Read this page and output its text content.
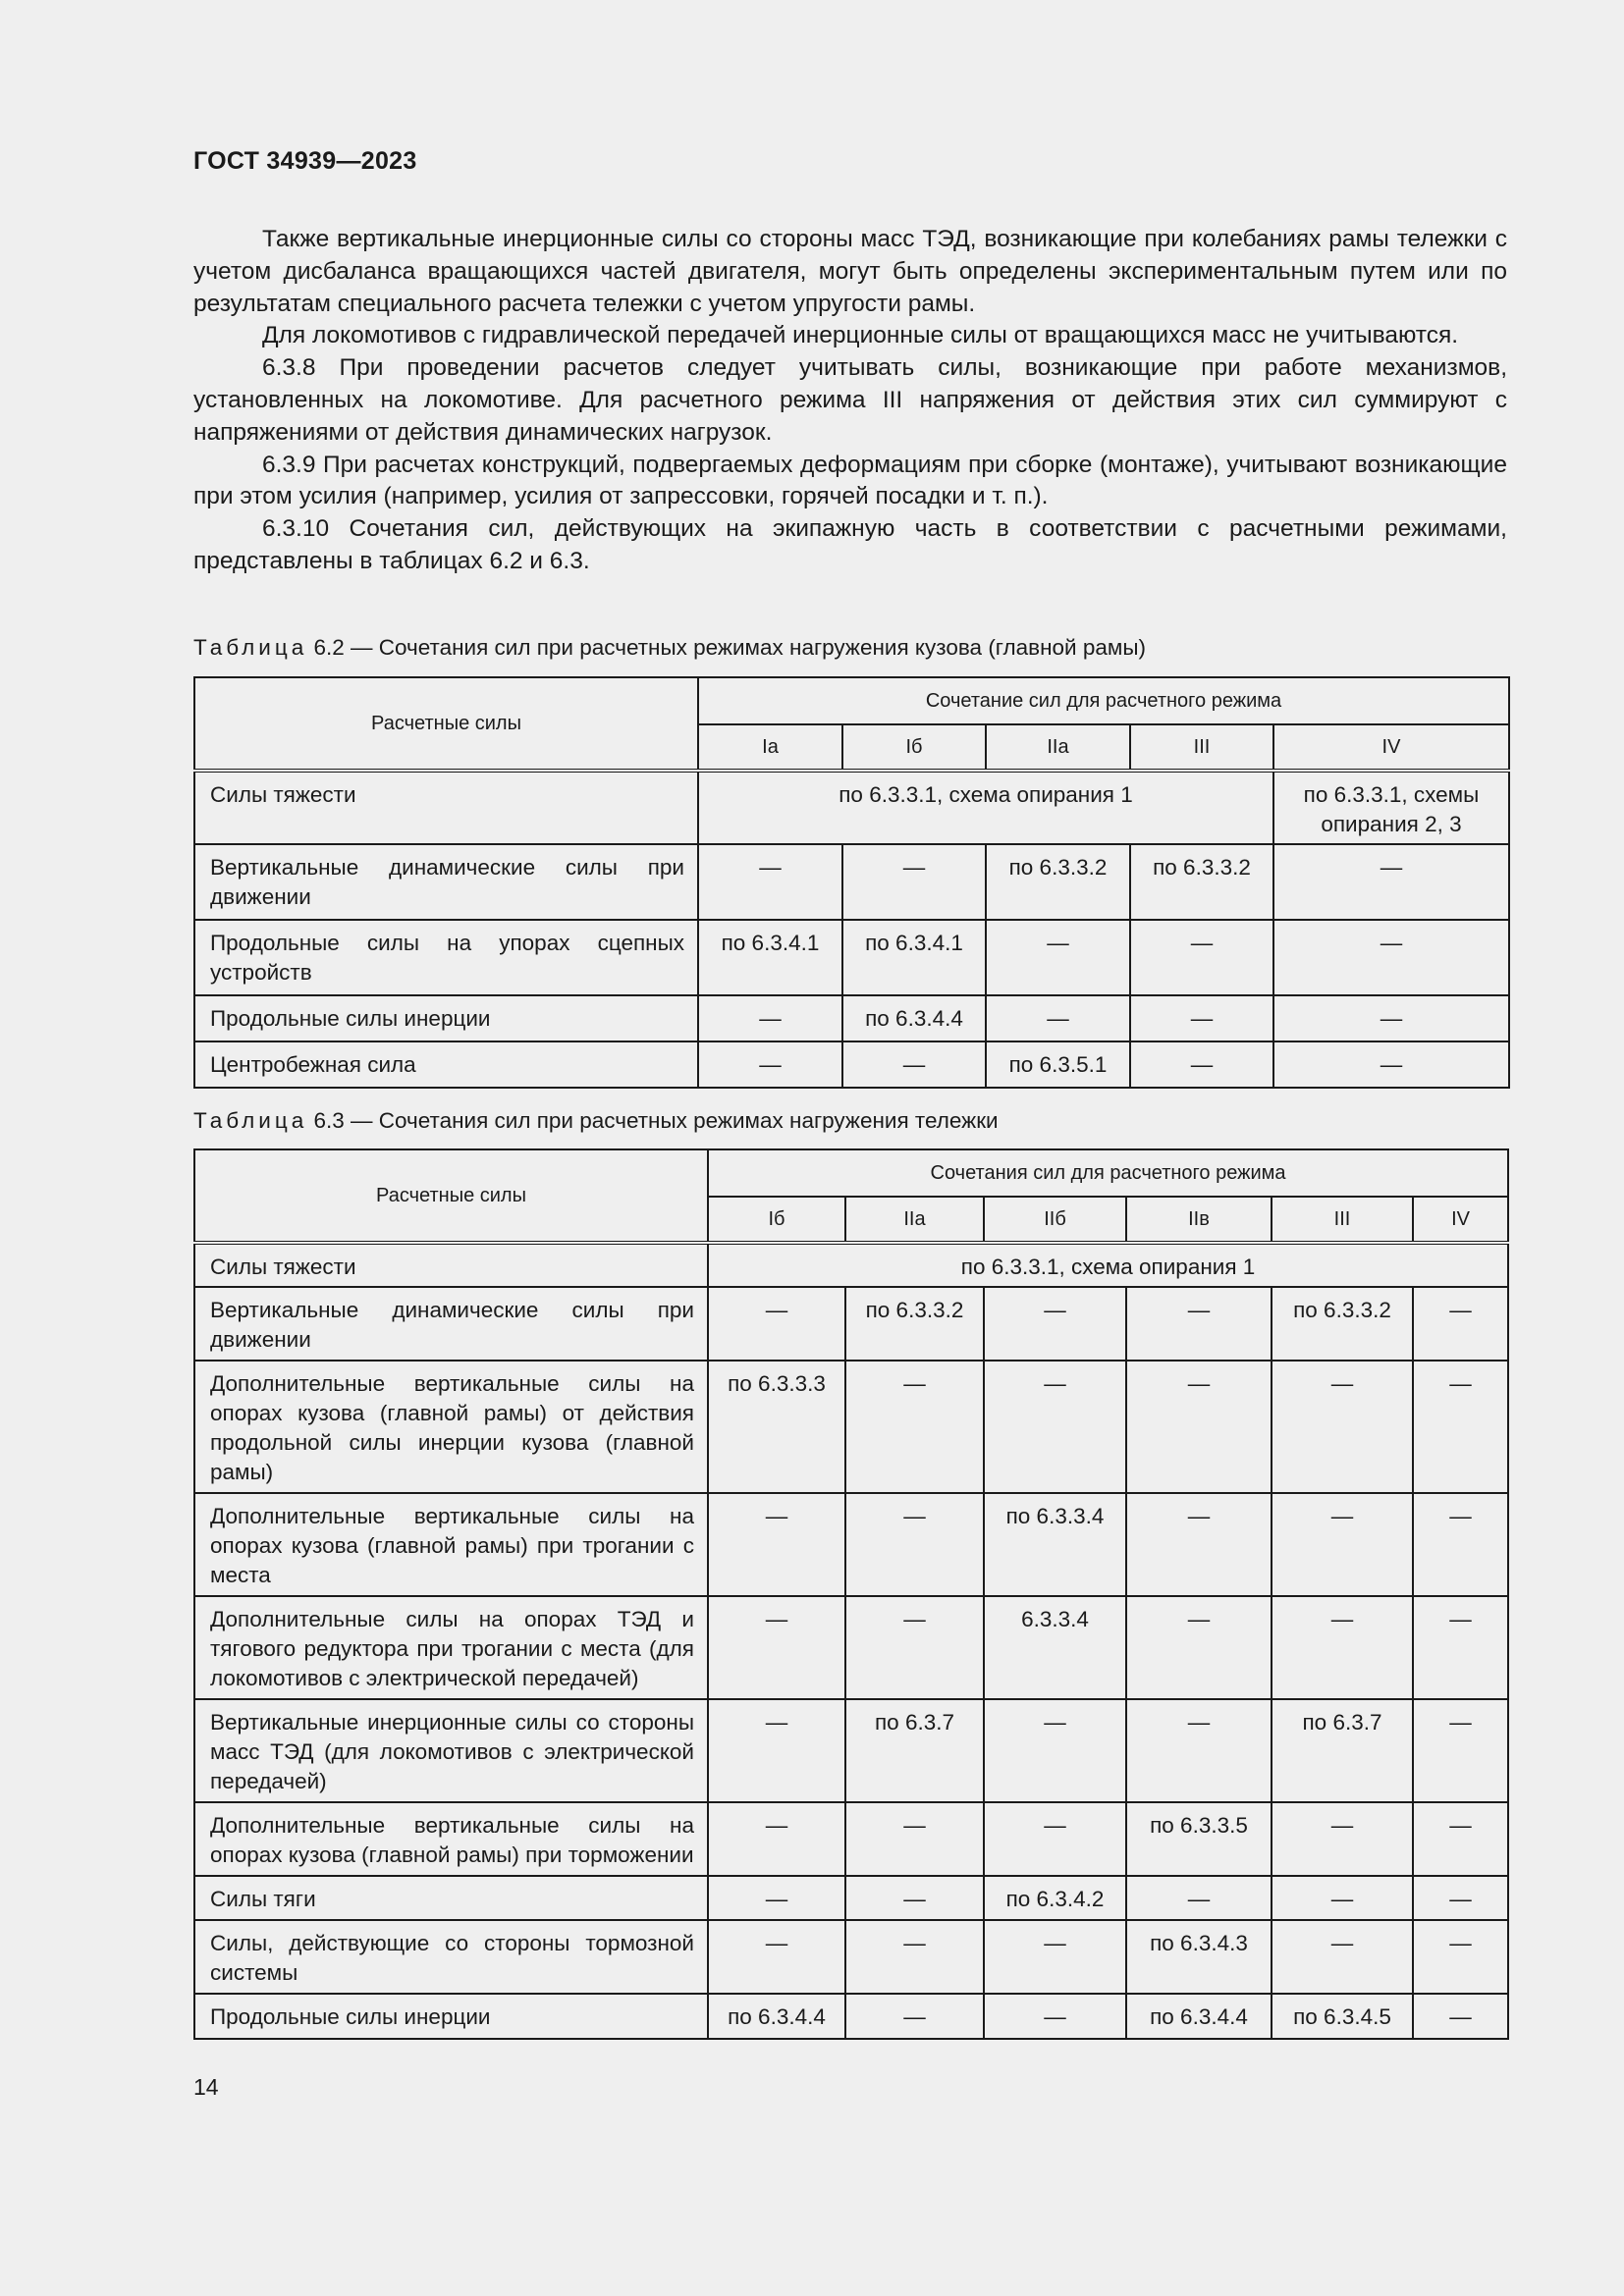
ГОСТ 34939—2023

Также вертикальные инерционные силы со стороны масс ТЭД, возникающие при колебаниях рамы тележки с учетом дисбаланса вращающихся частей двигателя, могут быть определены экспериментальным путем или по результатам специального расчета тележки с учетом упругости рамы.

Для локомотивов с гидравлической передачей инерционные силы от вращающихся масс не учитываются.

6.3.8 При проведении расчетов следует учитывать силы, возникающие при работе механизмов, установленных на локомотиве. Для расчетного режима III напряжения от действия этих сил суммируют с напряжениями от действия динамических нагрузок.

6.3.9 При расчетах конструкций, подвергаемых деформациям при сборке (монтаже), учитывают возникающие при этом усилия (например, усилия от запрессовки, горячей посадки и т. п.).

6.3.10 Сочетания сил, действующих на экипажную часть в соответствии с расчетными режимами, представлены в таблицах 6.2 и 6.3.

Таблица 6.2 — Сочетания сил при расчетных режимах нагружения кузова (главной рамы)
Расчетные силы	Сочетание сил для расчетного режима				
	Iа	Iб	IIа	III	IV
Силы тяжести	по 6.3.3.1, схема опирания 1				по 6.3.3.1, схемы опирания 2, 3
Вертикальные динамические силы при движении	—	—	по 6.3.3.2	по 6.3.3.2	—
Продольные силы на упорах сцепных устройств	по 6.3.4.1	по 6.3.4.1	—	—	—
Продольные силы инерции	—	по 6.3.4.4	—	—	—
Центробежная сила	—	—	по 6.3.5.1	—	—
Таблица 6.3 — Сочетания сил при расчетных режимах нагружения тележки
Расчетные силы	Сочетания сил для расчетного режима					
	Iб	IIа	IIб	IIв	III	IV
Силы тяжести	по 6.3.3.1, схема опирания 1					
Вертикальные динамические силы при движении	—	по 6.3.3.2	—	—	по 6.3.3.2	—
Дополнительные вертикальные силы на опорах кузова (главной рамы) от действия продольной силы инерции кузова (главной рамы)	по 6.3.3.3	—	—	—	—	—
Дополнительные вертикальные силы на опорах кузова (главной рамы) при трогании с места	—	—	по 6.3.3.4	—	—	—
Дополнительные силы на опорах ТЭД и тягового редуктора при трогании с места (для локомотивов с электрической передачей)	—	—	6.3.3.4	—	—	—
Вертикальные инерционные силы со стороны масс ТЭД (для локомотивов с электрической передачей)	—	по 6.3.7	—	—	по 6.3.7	—
Дополнительные вертикальные силы на опорах кузова (главной рамы) при торможении	—	—	—	по 6.3.3.5	—	—
Силы тяги	—	—	по 6.3.4.2	—	—	—
Силы, действующие со стороны тормозной системы	—	—	—	по 6.3.4.3	—	—
Продольные силы инерции	по 6.3.4.4	—	—	по 6.3.4.4	по 6.3.4.5	—
14
